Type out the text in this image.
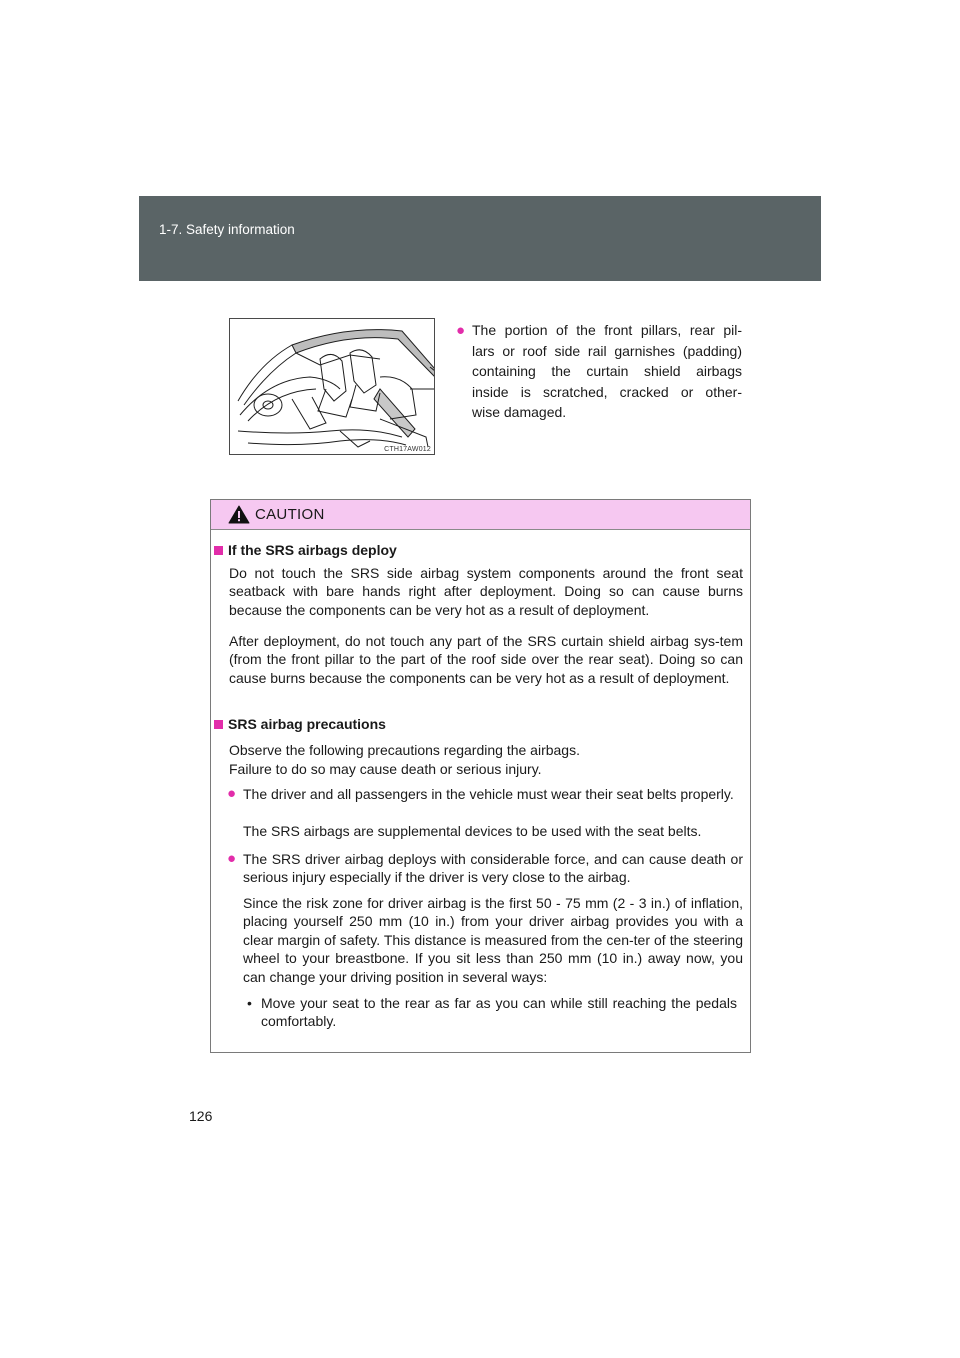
1-7. Safety information
CTH17AW012
● The portion of the front pillars, rear pil-
lars or roof side rail garnishes (padding)
containing the curtain shield airbags
inside is scratched, cracked or other-
wise damaged.
CAUTION
If the SRS airbags deploy
Do not touch the SRS side airbag system components around the front seat seatback with bare hands right after deployment. Doing so can cause burns because the components can be very hot as a result of deployment.
After deployment, do not touch any part of the SRS curtain shield airbag sys-tem (from the front pillar to the part of the roof side over the rear seat). Doing so can cause burns because the components can be very hot as a result of deployment.
SRS airbag precautions
Observe the following precautions regarding the airbags.
Failure to do so may cause death or serious injury.
● The driver and all passengers in the vehicle must wear their seat belts properly.
The SRS airbags are supplemental devices to be used with the seat belts.
● The SRS driver airbag deploys with considerable force, and can cause death or serious injury especially if the driver is very close to the airbag.
Since the risk zone for driver airbag is the first 50 - 75 mm (2 - 3 in.) of inflation, placing yourself 250 mm (10 in.) from your driver airbag provides you with a clear margin of safety. This distance is measured from the cen-ter of the steering wheel to your breastbone. If you sit less than 250 mm (10 in.) away now, you can change your driving position in several ways:
• Move your seat to the rear as far as you can while still reaching the pedals comfortably.
126
